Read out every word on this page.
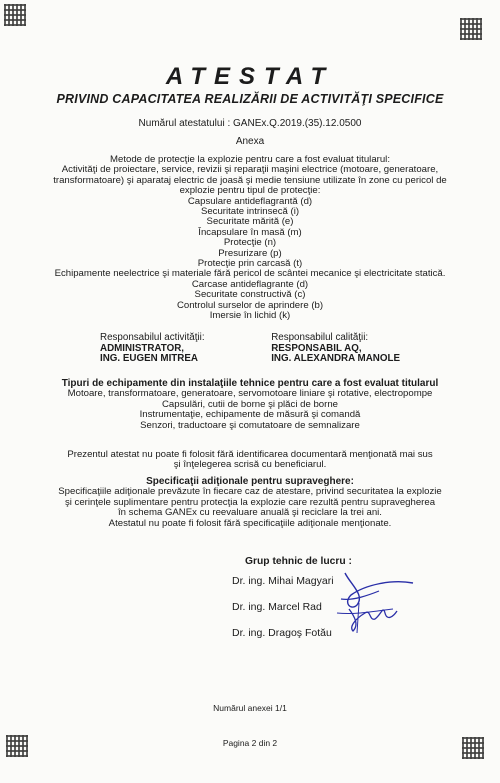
ATESTAT
PRIVIND CAPACITATEA REALIZĂRII DE ACTIVITĂŢI SPECIFICE
Numărul atestatului : GANEx.Q.2019.(35).12.0500
Anexa
Metode de protecţie la explozie pentru care a fost evaluat titularul:
Activităţi de proiectare, service, revizii şi reparaţii maşini electrice (motoare, generatoare,
transformatoare) şi aparataj electric de joasă şi medie tensiune utilizate în zone cu pericol de
explozie pentru tipul de protecţie:
Capsulare antideflagrantă (d)
Securitate intrinsecă (i)
Securitate mărită (e)
Încapsulare în masă (m)
Protecţie (n)
Presurizare (p)
Protecţie prin carcasă (t)
Echipamente neelectrice şi materiale fără pericol de scântei mecanice şi electricitate statică.
Carcase antideflagrante (d)
Securitate constructivă (c)
Controlul surselor de aprindere (b)
Imersie în lichid (k)
Responsabilul activităţii:
ADMINISTRATOR,
ING. EUGEN MITREA
Responsabilul calităţii:
RESPONSABIL AQ,
ING. ALEXANDRA MANOLE
Tipuri de echipamente din instalaţiile tehnice pentru care a fost evaluat titularul
Motoare, transformatoare, generatoare, servomotoare liniare şi rotative, electropompe
Capsulări, cutii de borne şi plăci de borne
Instrumentaţie, echipamente de măsură şi comandă
Senzori, traductoare şi comutatoare de semnalizare
Prezentul atestat nu poate fi folosit fără identificarea documentară menţionată mai sus
şi înţelegerea scrisă cu beneficiarul.
Specificaţii adiţionale pentru supraveghere:
Specificaţiile adiţionale prevăzute în fiecare caz de atestare, privind securitatea la explozie
şi cerinţele suplimentare pentru protecţia la explozie care rezultă pentru supravegherea
în schema GANEx cu reevaluare anuală şi reciclare la trei ani.
Atestatul nu poate fi folosit fără specificaţiile adiţionale menţionate.
Grup tehnic de lucru :
Dr. ing. Mihai Magyari
Dr. ing. Marcel Rad
Dr. ing. Dragoş Fotău
Numărul anexei 1/1
Pagina 2 din 2
